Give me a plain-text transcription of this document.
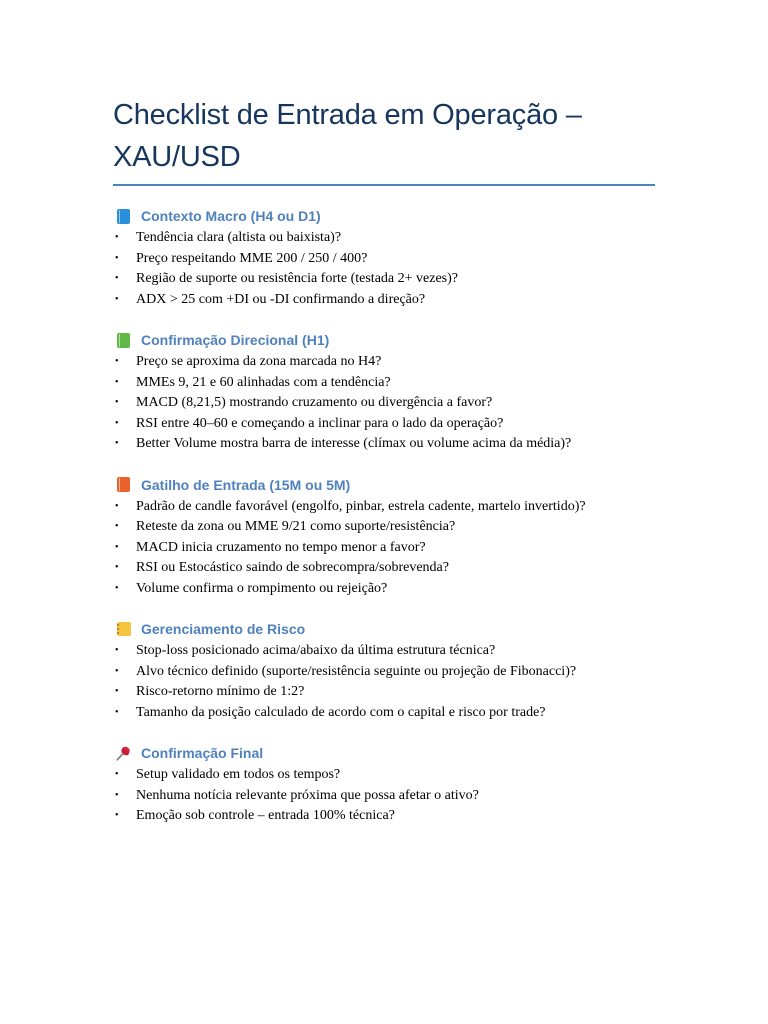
Checklist de Entrada em Operação –
XAU/USD
Contexto Macro (H4 ou D1)
• Tendência clara (altista ou baixista)?
• Preço respeitando MME 200 / 250 / 400?
• Região de suporte ou resistência forte (testada 2+ vezes)?
• ADX > 25 com +DI ou -DI confirmando a direção?
Confirmação Direcional (H1)
• Preço se aproxima da zona marcada no H4?
• MMEs 9, 21 e 60 alinhadas com a tendência?
• MACD (8,21,5) mostrando cruzamento ou divergência a favor?
• RSI entre 40–60 e começando a inclinar para o lado da operação?
• Better Volume mostra barra de interesse (clímax ou volume acima da média)?
Gatilho de Entrada (15M ou 5M)
• Padrão de candle favorável (engolfo, pinbar, estrela cadente, martelo invertido)?
• Reteste da zona ou MME 9/21 como suporte/resistência?
• MACD inicia cruzamento no tempo menor a favor?
• RSI ou Estocástico saindo de sobrecompra/sobrevenda?
• Volume confirma o rompimento ou rejeição?
Gerenciamento de Risco
• Stop-loss posicionado acima/abaixo da última estrutura técnica?
• Alvo técnico definido (suporte/resistência seguinte ou projeção de Fibonacci)?
• Risco-retorno mínimo de 1:2?
• Tamanho da posição calculado de acordo com o capital e risco por trade?
Confirmação Final
• Setup validado em todos os tempos?
• Nenhuma notícia relevante próxima que possa afetar o ativo?
• Emoção sob controle – entrada 100% técnica?
